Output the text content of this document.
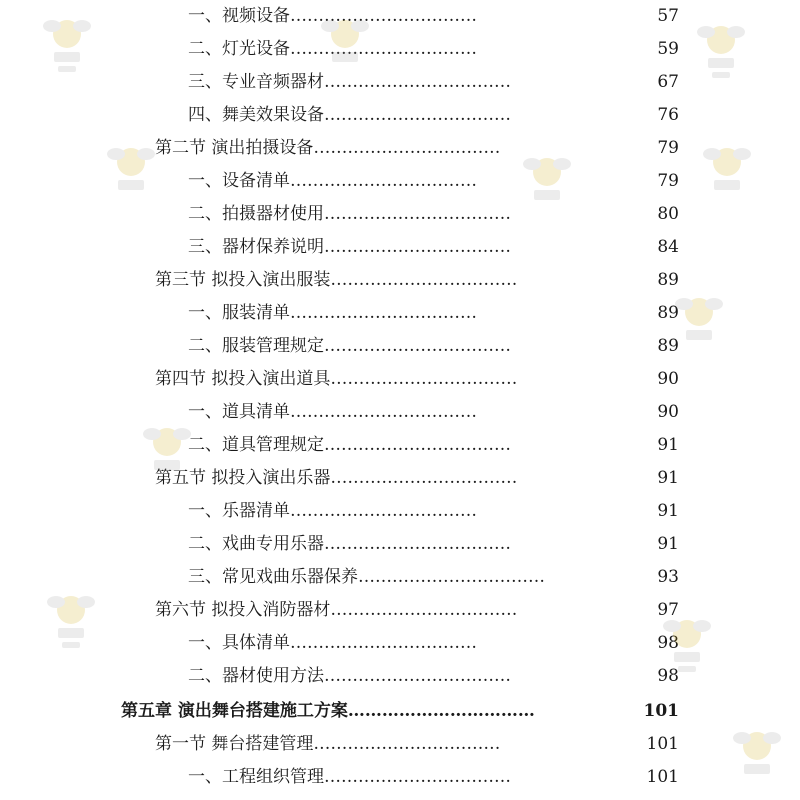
一、视频设备……………………………	57
二、灯光设备……………………………	59
三、专业音频器材……………………………	67
四、舞美效果设备……………………………	76
第二节 演出拍摄设备……………………………	79
一、设备清单……………………………	79
二、拍摄器材使用……………………………	80
三、器材保养说明……………………………	84
第三节 拟投入演出服装……………………………	89
一、服装清单……………………………	89
二、服装管理规定……………………………	89
第四节 拟投入演出道具……………………………	90
一、道具清单……………………………	90
二、道具管理规定……………………………	91
第五节 拟投入演出乐器……………………………	91
一、乐器清单……………………………	91
二、戏曲专用乐器……………………………	91
三、常见戏曲乐器保养……………………………	93
第六节 拟投入消防器材……………………………	97
一、具体清单……………………………	98
二、器材使用方法……………………………	98
第五章 演出舞台搭建施工方案……………………………	101
第一节 舞台搭建管理……………………………	101
一、工程组织管理……………………………	101
